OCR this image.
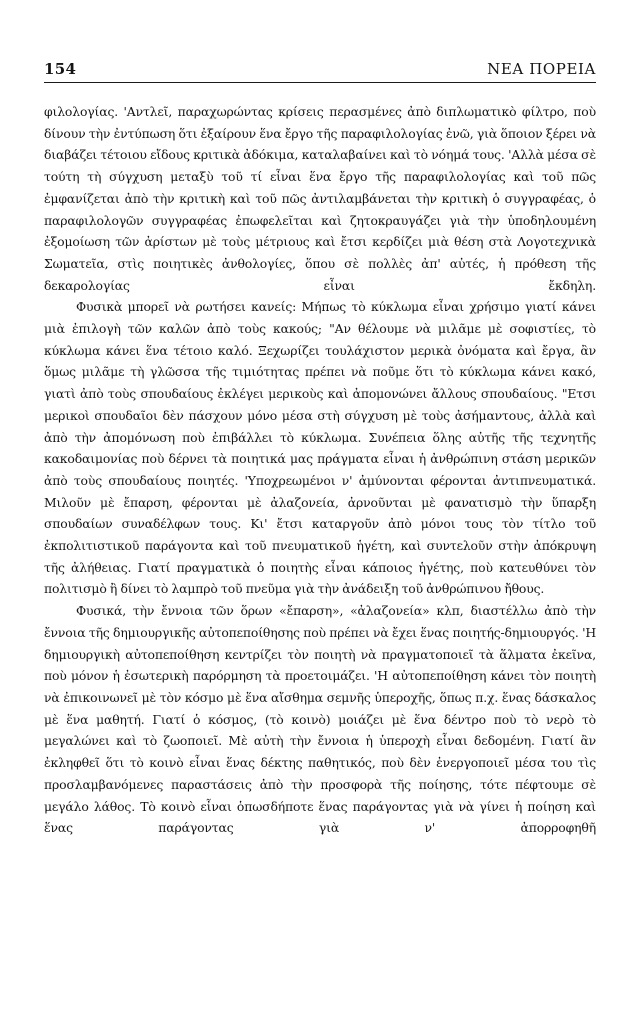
154	ΝΕΑ ΠΟΡΕΙΑ

φιλολογίας. 'Αντλεῖ, παραχωρώντας κρίσεις περασμένες ἀπὸ διπλωματικὸ φίλτρο, ποὺ δίνουν τὴν ἐντύπωση ὅτι ἐξαίρουν ἕνα ἔργο τῆς παραφιλολογίας ἐνῶ, γιὰ ὅποιον ξέρει νὰ διαβάζει τέτοιου εἴδους κριτικὰ ἀδόκιμα, καταλαβαίνει καὶ τὸ νόημά τους. 'Αλλὰ μέσα σὲ τούτη τὴ σύγχυση μεταξὺ τοῦ τί εἶναι ἕνα ἔργο τῆς παραφιλολογίας καὶ τοῦ πῶς ἐμφανίζεται ἀπὸ τὴν κριτικὴ καὶ τοῦ πῶς ἀντιλαμβάνεται τὴν κριτικὴ ὁ συγγραφέας, ὁ παραφιλολογῶν συγγραφέας ἐπωφελεῖται καὶ ζητοκραυγάζει γιὰ τὴν ὑποδηλουμένη ἐξομοίωση τῶν ἀρίστων μὲ τοὺς μέτριους καὶ ἔτσι κερδίζει μιὰ θέση στὰ Λογοτεχνικὰ Σωματεῖα, στὶς ποιητικὲς ἀνθολογίες, ὅπου σὲ πολλὲς ἀπ' αὐτές, ἡ πρόθεση τῆς δεκαρολογίας εἶναι ἔκδηλη.

Φυσικὰ μπορεῖ νὰ ρωτήσει κανείς: Μήπως τὸ κύκλωμα εἶναι χρήσιμο γιατί κάνει μιὰ ἐπιλογὴ τῶν καλῶν ἀπὸ τοὺς κακούς; "Αν θέλουμε νὰ μιλᾶμε μὲ σοφιστίες, τὸ κύκλωμα κάνει ἕνα τέτοιο καλό. Ξεχωρίζει τουλάχιστον μερικὰ ὀνόματα καὶ ἔργα, ἂν ὅμως μιλᾶμε τὴ γλῶσσα τῆς τιμιότητας πρέπει νὰ ποῦμε ὅτι τὸ κύκλωμα κάνει κακό, γιατὶ ἀπὸ τοὺς σπουδαίους ἐκλέγει μερικοὺς καὶ ἀπομονώνει ἄλλους σπουδαίους. "Ετσι μερικοὶ σπουδαῖοι δὲν πάσχουν μόνο μέσα στὴ σύγχυση μὲ τοὺς ἀσήμαντους, ἀλλὰ καὶ ἀπὸ τὴν ἀπομόνωση ποὺ ἐπιβάλλει τὸ κύκλωμα. Συνέπεια ὅλης αὐτῆς τῆς τεχνητῆς κακοδαιμονίας ποὺ δέρνει τὰ ποιητικά μας πράγματα εἶναι ἡ ἀνθρώπινη στάση μερικῶν ἀπὸ τοὺς σπουδαίους ποιητές. 'Υποχρεωμένοι ν' ἀμύνονται φέρονται ἀντιπνευματικά. Μιλοῦν μὲ ἔπαρση, φέρονται μὲ ἀλαζονεία, ἀρνοῦνται μὲ φανατισμὸ τὴν ὕπαρξη σπουδαίων συναδέλφων τους. Κι' ἔτσι καταργοῦν ἀπὸ μόνοι τους τὸν τίτλο τοῦ ἐκπολιτιστικοῦ παράγοντα καὶ τοῦ πνευματικοῦ ἡγέτη, καὶ συντελοῦν στὴν ἀπόκρυψη τῆς ἀλήθειας. Γιατί πραγματικὰ ὁ ποιητὴς εἶναι κάποιος ἡγέτης, ποὺ κατευθύνει τὸν πολιτισμὸ ἢ δίνει τὸ λαμπρὸ τοῦ πνεῦμα γιὰ τὴν ἀνάδειξη τοῦ ἀνθρώπινου ἤθους.

Φυσικά, τὴν ἔννοια τῶν ὅρων «ἔπαρση», «ἀλαζονεία» κλπ, διαστέλλω ἀπὸ τὴν ἔννοια τῆς δημιουργικῆς αὐτοπεποίθησης ποὺ πρέπει νὰ ἔχει ἕνας ποιητής-δημιουργός. 'Η δημιουργικὴ αὐτοπεποίθηση κεντρίζει τὸν ποιητὴ νὰ πραγματοποιεῖ τὰ ἅλματα ἐκεῖνα, ποὺ μόνον ἡ ἐσωτερικὴ παρόρμηση τὰ προετοιμάζει. 'Η αὐτοπεποίθηση κάνει τὸν ποιητὴ νὰ ἐπικοινωνεῖ μὲ τὸν κόσμο μὲ ἕνα αἴσθημα σεμνῆς ὑπεροχῆς, ὅπως π.χ. ἕνας δάσκαλος μὲ ἕνα μαθητή. Γιατί ὁ κόσμος, (τὸ κοινὸ) μοιάζει μὲ ἕνα δέντρο ποὺ τὸ νερὸ τὸ μεγαλώνει καὶ τὸ ζωοποιεῖ. Μὲ αὐτὴ τὴν ἔννοια ἡ ὑπεροχὴ εἶναι δεδομένη. Γιατί ἂν ἐκληφθεῖ ὅτι τὸ κοινὸ εἶναι ἕνας δέκτης παθητικός, ποὺ δὲν ἐνεργοποιεῖ μέσα του τὶς προσλαμβανόμενες παραστάσεις ἀπὸ τὴν προσφορὰ τῆς ποίησης, τότε πέφτουμε σὲ μεγάλο λάθος. Τὸ κοινὸ εἶναι ὁπωσδήποτε ἕνας παράγοντας γιὰ νὰ γίνει ἡ ποίηση καὶ ἕνας παράγοντας γιὰ ν' ἀπορροφηθῆ
